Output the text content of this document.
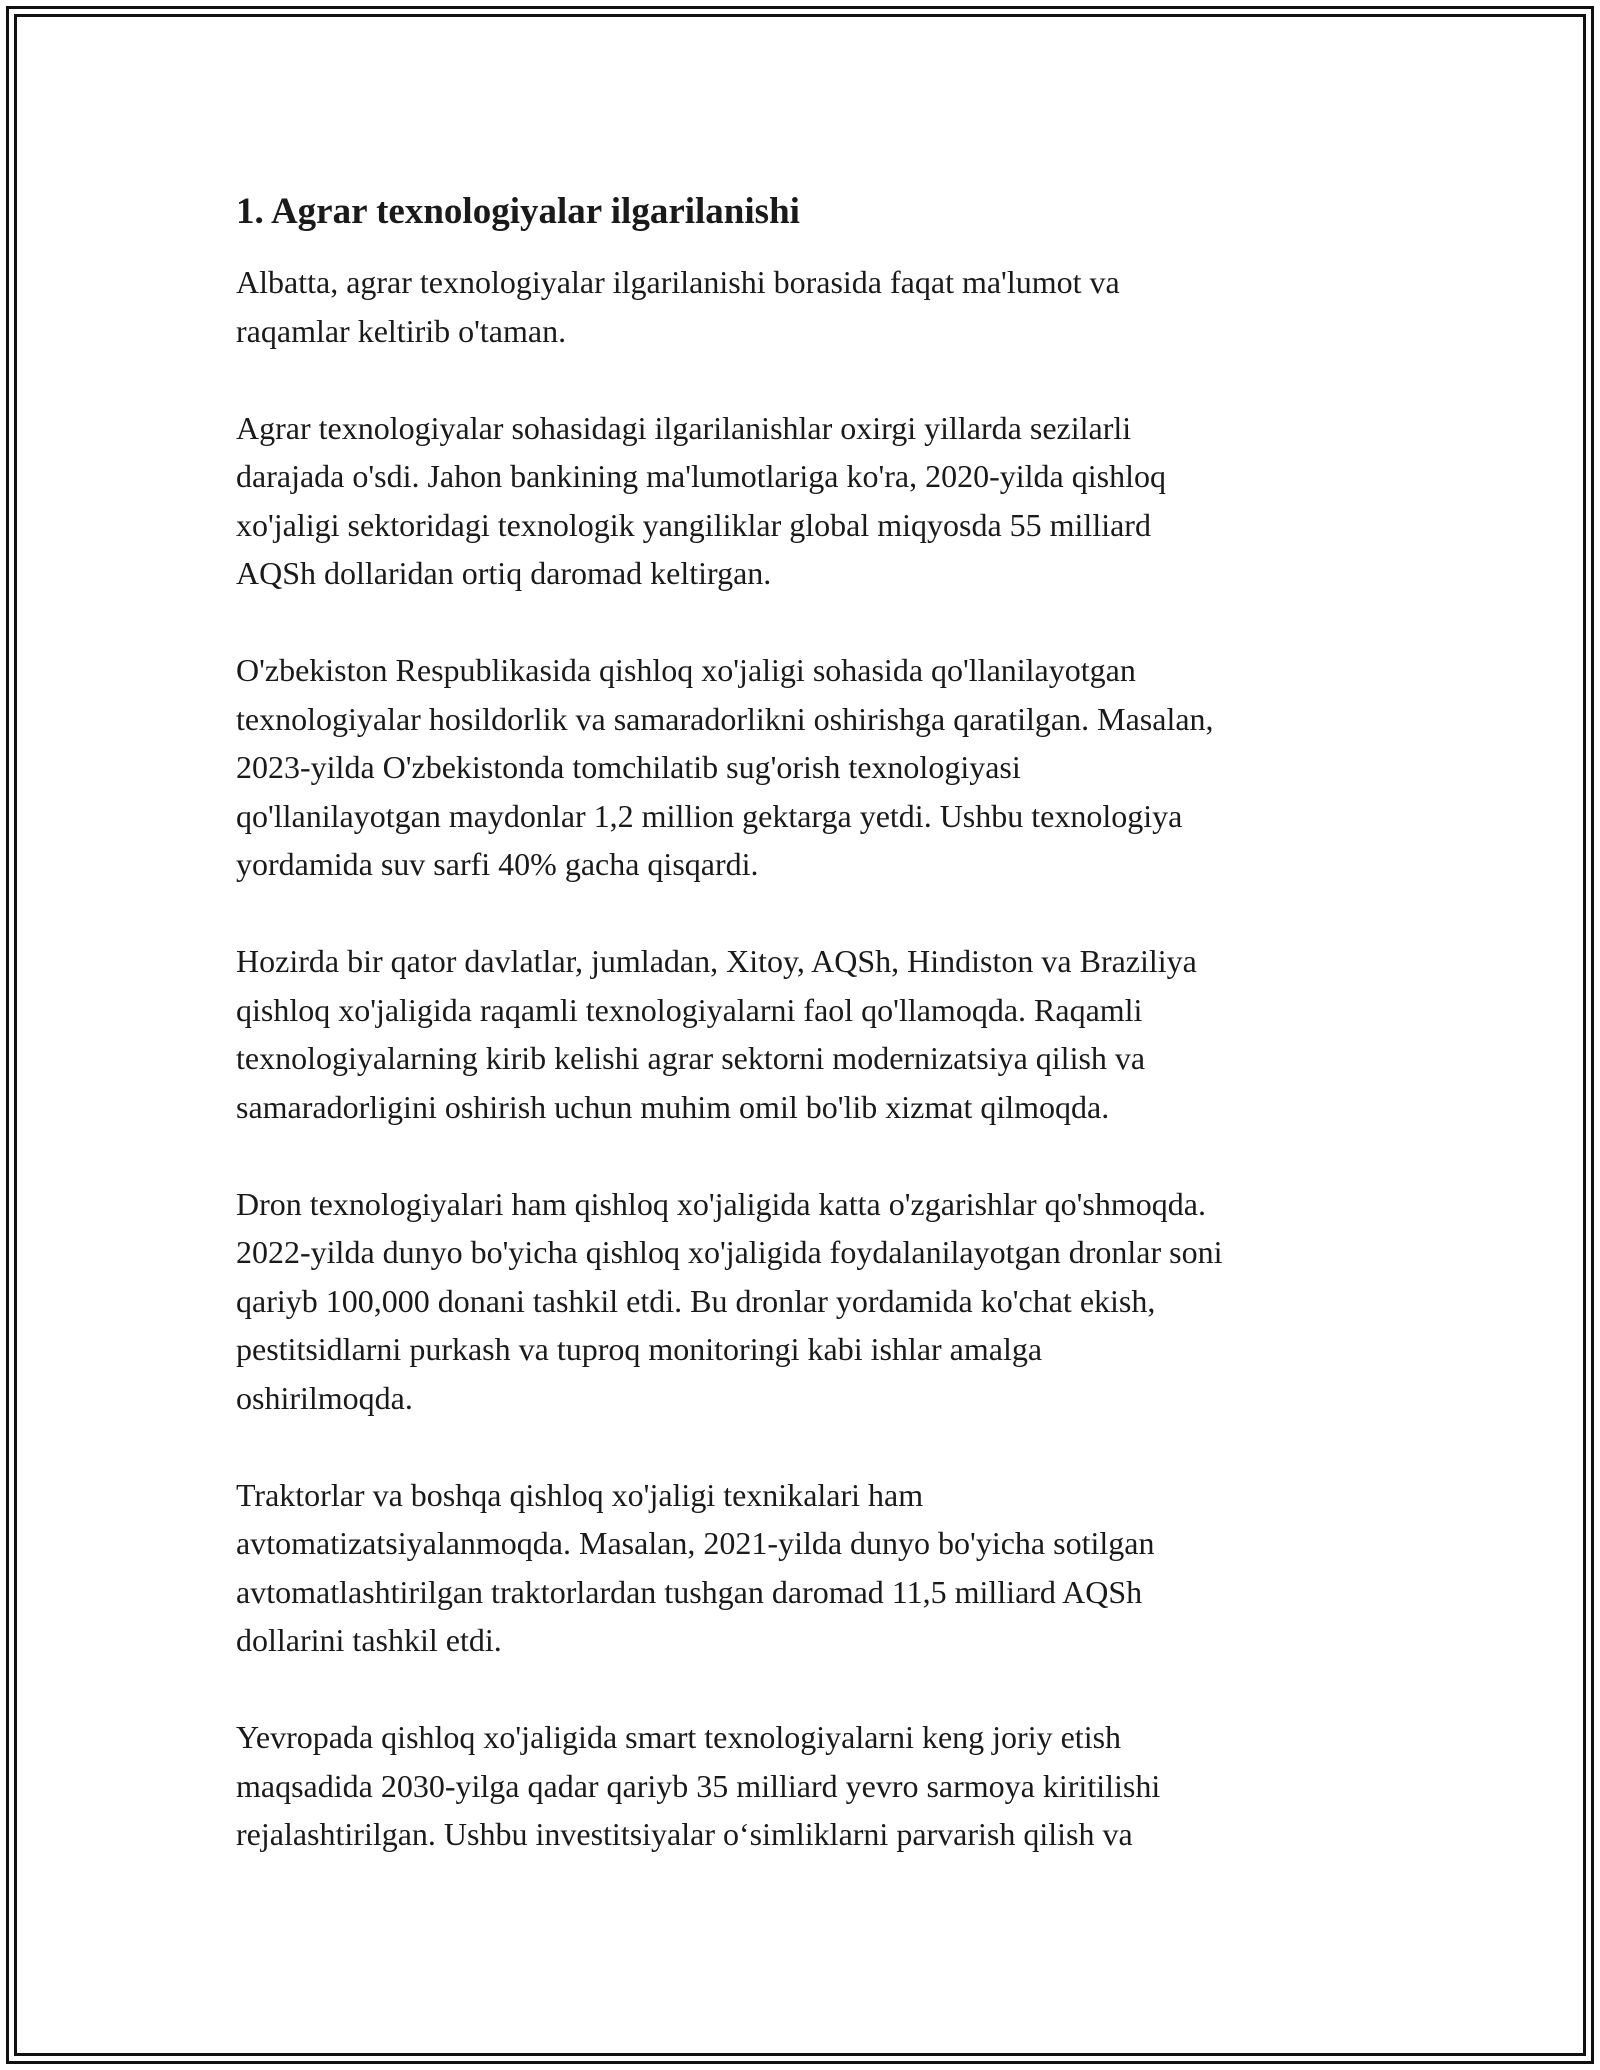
1. Agrar texnologiyalar ilgarilanishi

Albatta, agrar texnologiyalar ilgarilanishi borasida faqat ma'lumot va
raqamlar keltirib o'taman.

Agrar texnologiyalar sohasidagi ilgarilanishlar oxirgi yillarda sezilarli
darajada o'sdi. Jahon bankining ma'lumotlariga ko'ra, 2020-yilda qishloq
xo'jaligi sektoridagi texnologik yangiliklar global miqyosda 55 milliard
AQSh dollaridan ortiq daromad keltirgan.

O'zbekiston Respublikasida qishloq xo'jaligi sohasida qo'llanilayotgan
texnologiyalar hosildorlik va samaradorlikni oshirishga qaratilgan. Masalan,
2023-yilda O'zbekistonda tomchilatib sug'orish texnologiyasi
qo'llanilayotgan maydonlar 1,2 million gektarga yetdi. Ushbu texnologiya
yordamida suv sarfi 40% gacha qisqardi.

Hozirda bir qator davlatlar, jumladan, Xitoy, AQSh, Hindiston va Braziliya
qishloq xo'jaligida raqamli texnologiyalarni faol qo'llamoqda. Raqamli
texnologiyalarning kirib kelishi agrar sektorni modernizatsiya qilish va
samaradorligini oshirish uchun muhim omil bo'lib xizmat qilmoqda.

Dron texnologiyalari ham qishloq xo'jaligida katta o'zgarishlar qo'shmoqda.
2022-yilda dunyo bo'yicha qishloq xo'jaligida foydalanilayotgan dronlar soni
qariyb 100,000 donani tashkil etdi. Bu dronlar yordamida ko'chat ekish,
pestitsidlarni purkash va tuproq monitoringi kabi ishlar amalga
oshirilmoqda.

Traktorlar va boshqa qishloq xo'jaligi texnikalari ham
avtomatizatsiyalanmoqda. Masalan, 2021-yilda dunyo bo'yicha sotilgan
avtomatlashtirilgan traktorlardan tushgan daromad 11,5 milliard AQSh
dollarini tashkil etdi.

Yevropada qishloq xo'jaligida smart texnologiyalarni keng joriy etish
maqsadida 2030-yilga qadar qariyb 35 milliard yevro sarmoya kiritilishi
rejalashtirilgan. Ushbu investitsiyalar o‘simliklarni parvarish qilish va
